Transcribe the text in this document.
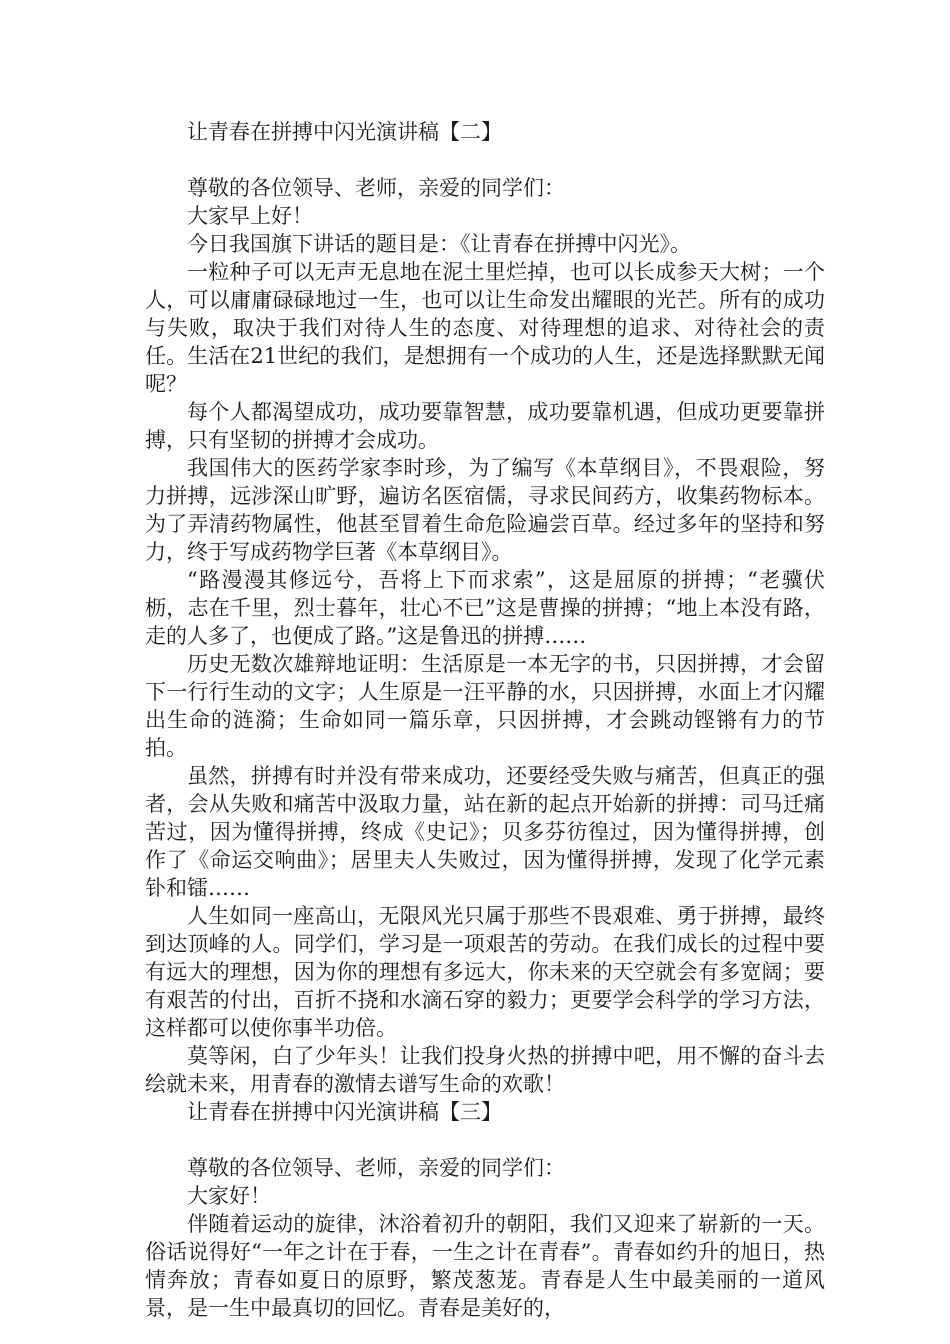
让青春在拼搏中闪光演讲稿【二】

尊敬的各位领导、老师，亲爱的同学们：

大家早上好！

今日我国旗下讲话的题目是：《让青春在拼搏中闪光》。

一粒种子可以无声无息地在泥土里烂掉，也可以长成参天大树；一个人，可以庸庸碌碌地过一生，也可以让生命发出耀眼的光芒。所有的成功与失败，取决于我们对待人生的态度、对待理想的追求、对待社会的责任。生活在21世纪的我们，是想拥有一个成功的人生，还是选择默默无闻呢？

每个人都渴望成功，成功要靠智慧，成功要靠机遇，但成功更要靠拼搏，只有坚韧的拼搏才会成功。

我国伟大的医药学家李时珍，为了编写《本草纲目》，不畏艰险，努力拼搏，远涉深山旷野，遍访名医宿儒，寻求民间药方，收集药物标本。为了弄清药物属性，他甚至冒着生命危险遍尝百草。经过多年的坚持和努力，终于写成药物学巨著《本草纲目》。

“路漫漫其修远兮，吾将上下而求索”，这是屈原的拼搏；“老骥伏枥，志在千里，烈士暮年，壮心不已”这是曹操的拼搏；“地上本没有路，走的人多了，也便成了路。”这是鲁迅的拼搏……

历史无数次雄辩地证明：生活原是一本无字的书，只因拼搏，才会留下一行行生动的文字；人生原是一汪平静的水，只因拼搏，水面上才闪耀出生命的涟漪；生命如同一篇乐章，只因拼搏，才会跳动铿锵有力的节拍。

虽然，拼搏有时并没有带来成功，还要经受失败与痛苦，但真正的强者，会从失败和痛苦中汲取力量，站在新的起点开始新的拼搏：司马迁痛苦过，因为懂得拼搏，终成《史记》；贝多芬彷徨过，因为懂得拼搏，创作了《命运交响曲》；居里夫人失败过，因为懂得拼搏，发现了化学元素钋和镭……

人生如同一座高山，无限风光只属于那些不畏艰难、勇于拼搏，最终到达顶峰的人。同学们，学习是一项艰苦的劳动。在我们成长的过程中要有远大的理想，因为你的理想有多远大，你未来的天空就会有多宽阔；要有艰苦的付出，百折不挠和水滴石穿的毅力；更要学会科学的学习方法，这样都可以使你事半功倍。

莫等闲，白了少年头！让我们投身火热的拼搏中吧，用不懈的奋斗去绘就未来，用青春的激情去谱写生命的欢歌！

让青春在拼搏中闪光演讲稿【三】

尊敬的各位领导、老师，亲爱的同学们：

大家好！

伴随着运动的旋律，沐浴着初升的朝阳，我们又迎来了崭新的一天。俗话说得好“一年之计在于春，一生之计在青春”。青春如约升的旭日，热情奔放；青春如夏日的原野，繁茂葱茏。青春是人生中最美丽的一道风景，是一生中最真切的回忆。青春是美好的，
